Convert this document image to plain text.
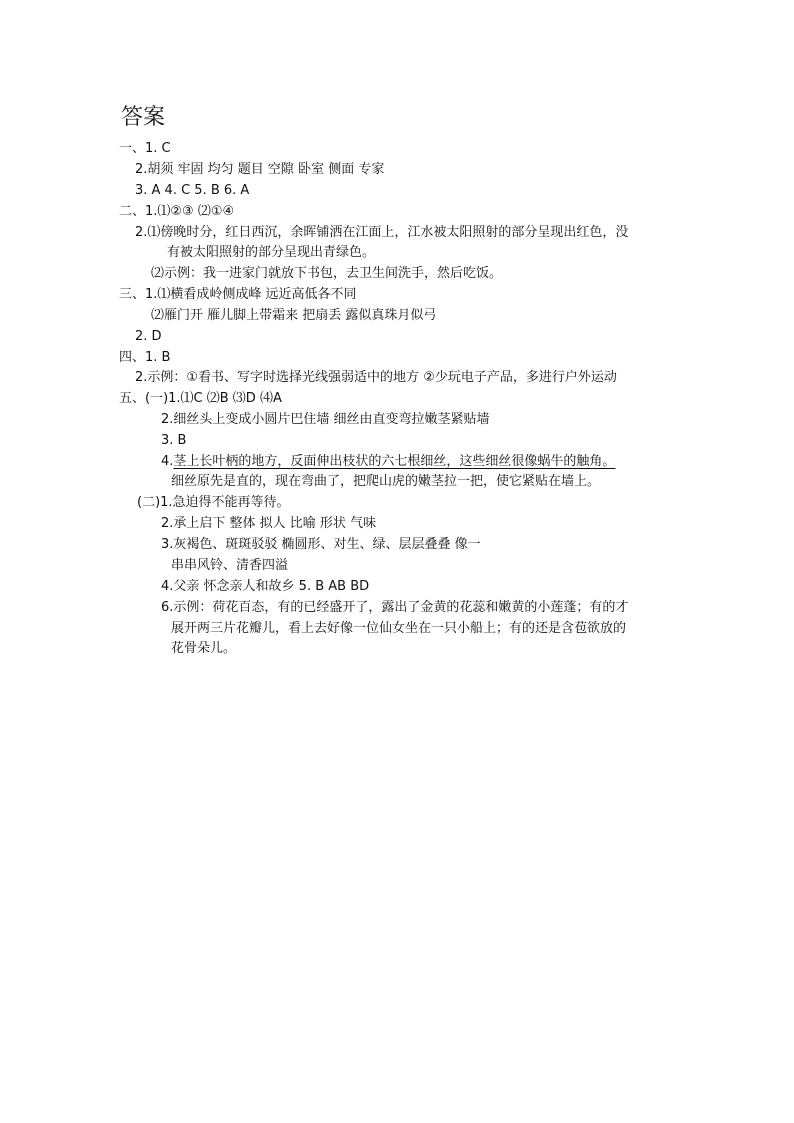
答案
一、1. C
2.胡须 牢固 均匀 题目 空隙 卧室 侧面 专家
3. A 4. C 5. B 6. A
二、1.⑴②③ ⑵①④
2.⑴傍晚时分，红日西沉，余晖铺洒在江面上，江水被太阳照射的部分呈现出红色，没
有被太阳照射的部分呈现出青绿色。
⑵示例：我一进家门就放下书包，去卫生间洗手，然后吃饭。
三、1.⑴横看成岭侧成峰 远近高低各不同
⑵雁门开 雁儿脚上带霜来 把扇丢 露似真珠月似弓
2. D
四、1. B
2.示例：①看书、写字时选择光线强弱适中的地方 ②少玩电子产品，多进行户外运动
五、(一)1.⑴C ⑵B ⑶D ⑷A
2.细丝头上变成小圆片巴住墙 细丝由直变弯拉嫩茎紧贴墙
3. B
4.茎上长叶柄的地方，反面伸出枝状的六七根细丝，这些细丝很像蜗牛的触角。
细丝原先是直的，现在弯曲了，把爬山虎的嫩茎拉一把，使它紧贴在墙上。
(二)1.急迫得不能再等待。
2.承上启下 整体 拟人 比喻 形状 气味
3.灰褐色、斑斑驳驳 椭圆形、对生、绿、层层叠叠 像一
串串风铃、清香四溢
4.父亲 怀念亲人和故乡 5. B AB BD
6.示例：荷花百态，有的已经盛开了，露出了金黄的花蕊和嫩黄的小莲蓬；有的才
展开两三片花瓣儿，看上去好像一位仙女坐在一只小船上；有的还是含苞欲放的
花骨朵儿。
